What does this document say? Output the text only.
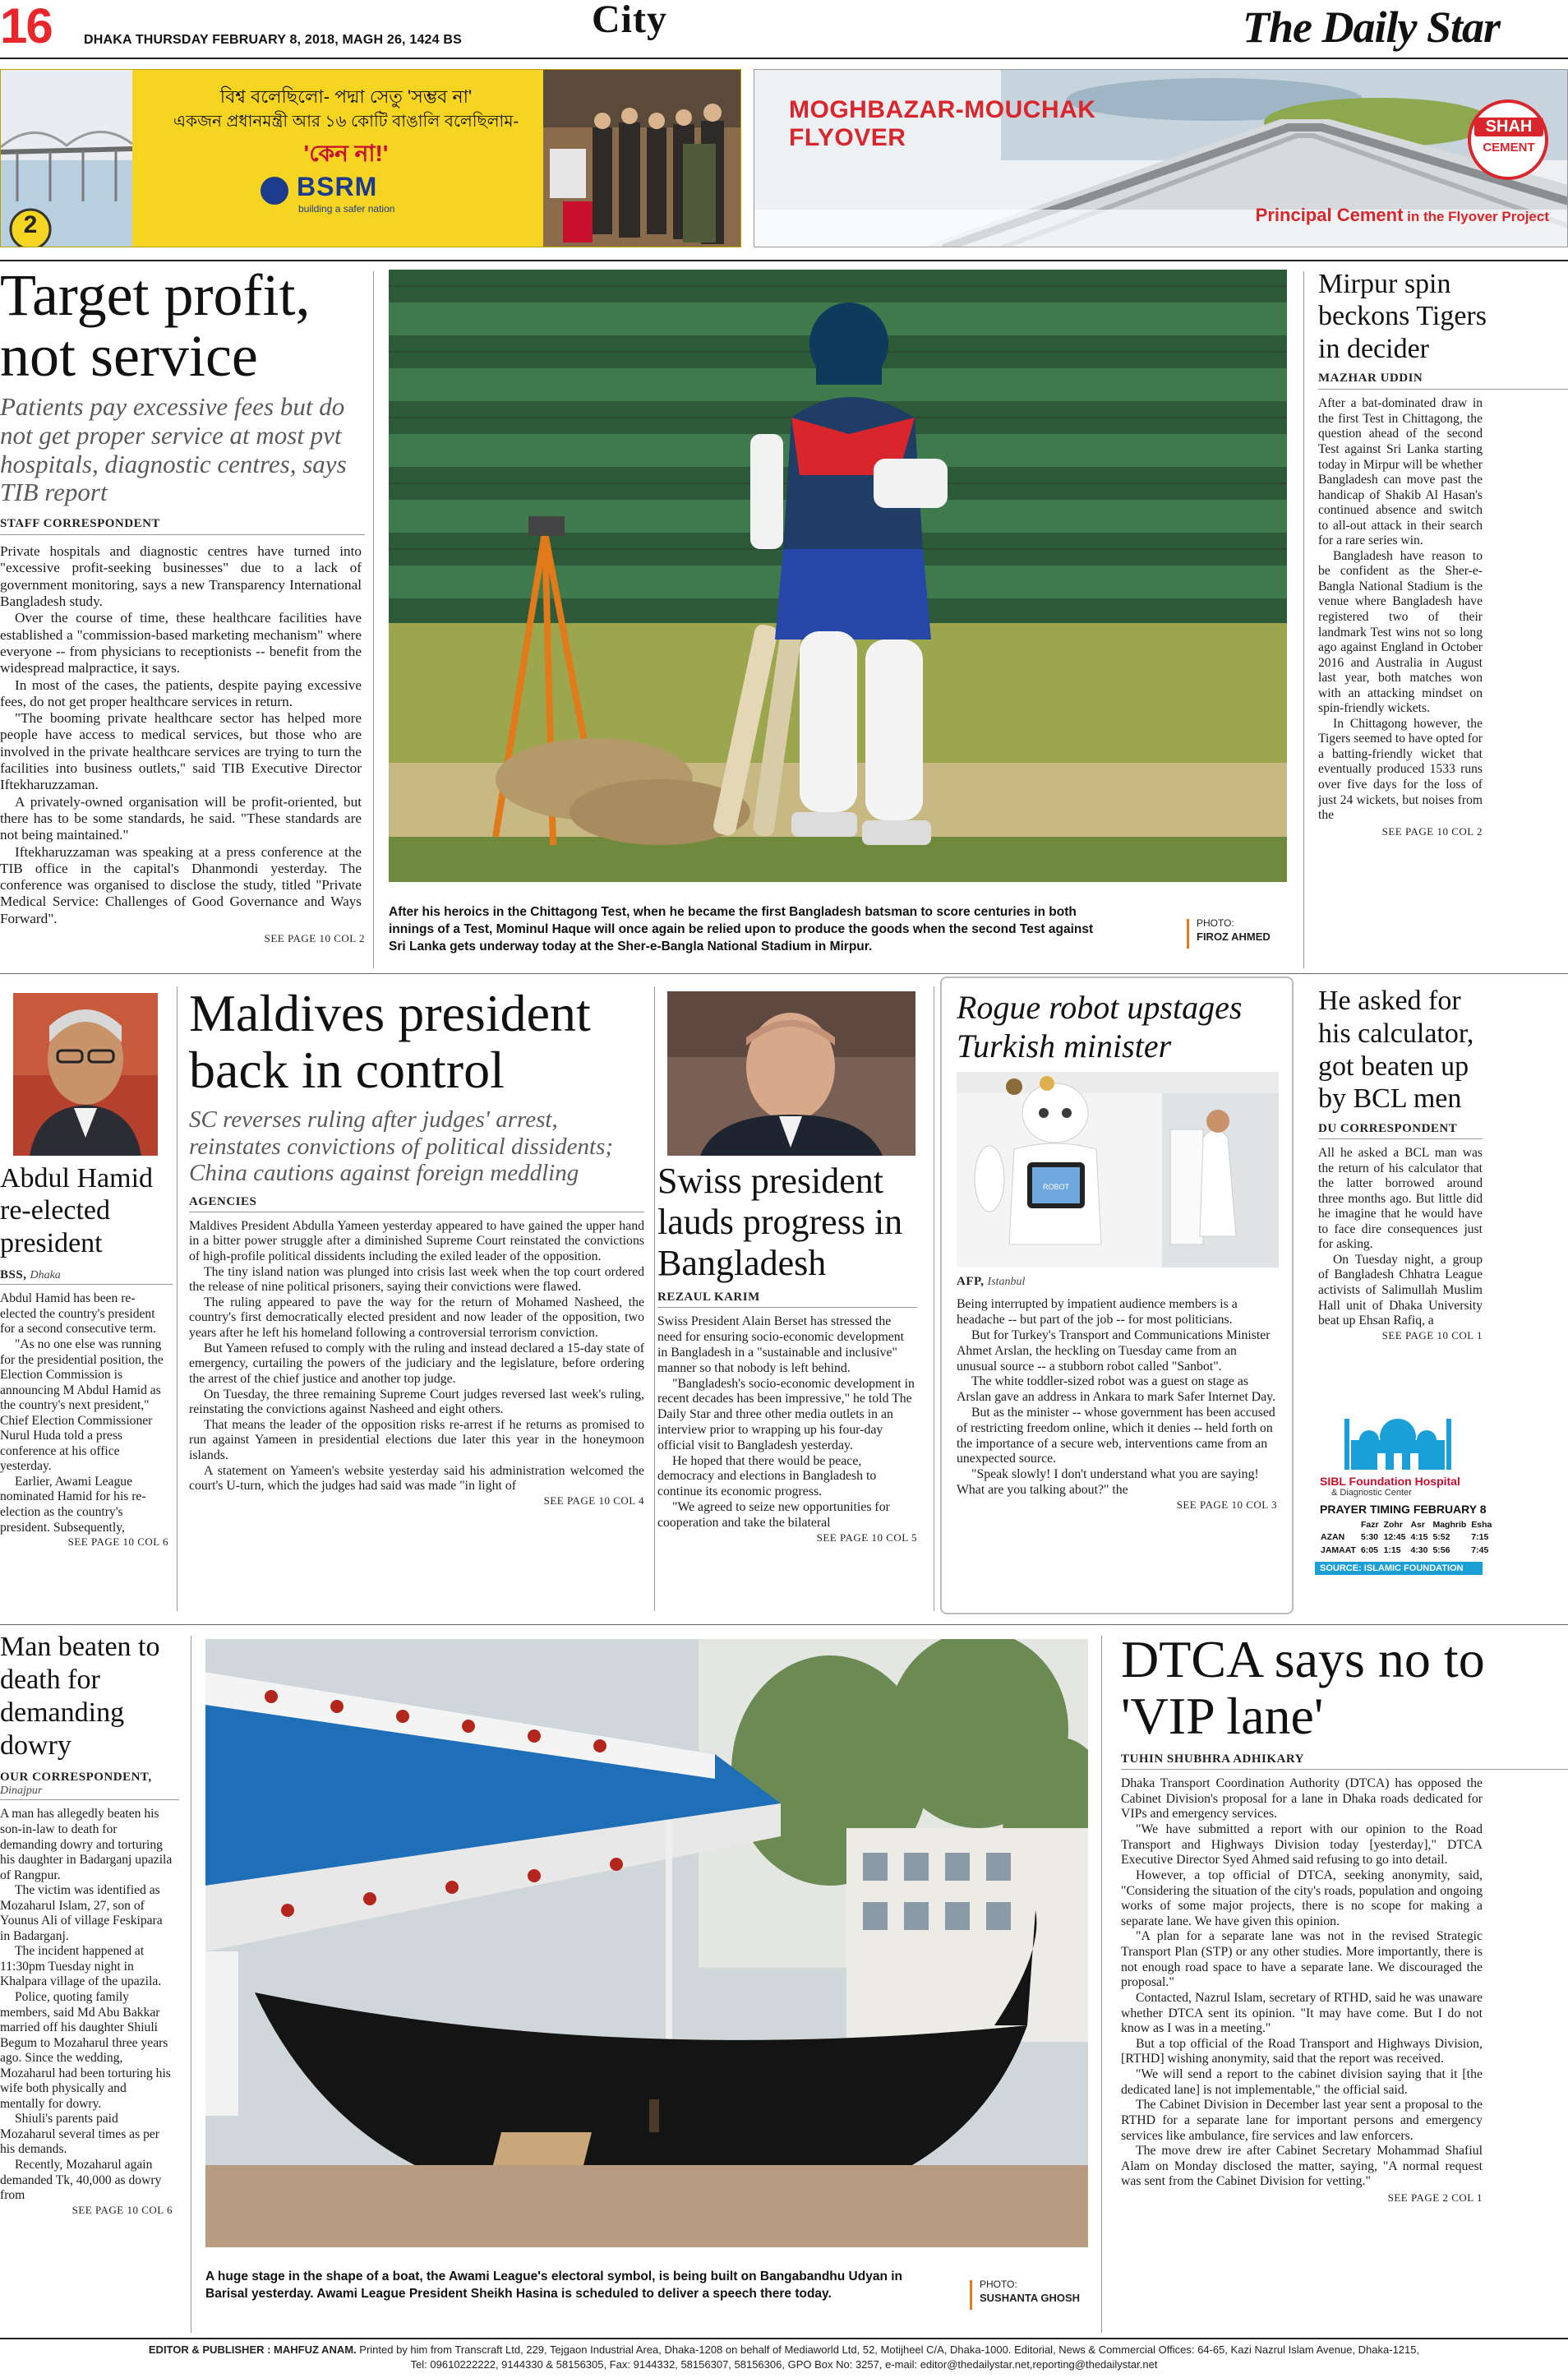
16 DHAKA THURSDAY FEBRUARY 8, 2018, MAGH 26, 1424 BS	City	The Daily Star
2
বিশ্ব বলেছিলো- পদ্মা সেতু 'সম্ভব না'
একজন প্রধানমন্ত্রী আর ১৬ কোটি বাঙালি বলেছিলাম-
'কেন না!'
BSRM
building a safer nation
MOGHBAZAR-MOUCHAK
FLYOVER	SHAH
CEMENT
Principal Cement in the Flyover Project
Target profit, not service
Patients pay excessive fees but do not get proper service at most pvt hospitals, diagnostic centres, says TIB report
STAFF CORRESPONDENT

Private hospitals and diagnostic centres have turned into "excessive profit-seeking businesses" due to a lack of government monitoring, says a new Transparency International Bangladesh study.

Over the course of time, these healthcare facilities have established a "commission-based marketing mechanism" where everyone -- from physicians to receptionists -- benefit from the widespread malpractice, it says.

In most of the cases, the patients, despite paying excessive fees, do not get proper healthcare services in return.

"The booming private healthcare sector has helped more people have access to medical services, but those who are involved in the private healthcare services are trying to turn the facilities into business outlets," said TIB Executive Director Iftekharuzzaman.

A privately-owned organisation will be profit-oriented, but there has to be some standards, he said. "These standards are not being maintained."

Iftekharuzzaman was speaking at a press conference at the TIB office in the capital's Dhanmondi yesterday. The conference was organised to disclose the study, titled "Private Medical Service: Challenges of Good Governance and Ways Forward".

SEE PAGE 10 COL 2
After his heroics in the Chittagong Test, when he became the first Bangladesh batsman to score centuries in both innings of a Test, Mominul Haque will once again be relied upon to produce the goods when the second Test against Sri Lanka gets underway today at the Sher-e-Bangla National Stadium in Mirpur.
PHOTO:
FIROZ AHMED
Mirpur spin beckons Tigers in decider
MAZHAR UDDIN

After a bat-dominated draw in the first Test in Chittagong, the question ahead of the second Test against Sri Lanka starting today in Mirpur will be whether Bangladesh can move past the handicap of Shakib Al Hasan's continued absence and switch to all-out attack in their search for a rare series win.

Bangladesh have reason to be confident as the Sher-e-Bangla National Stadium is the venue where Bangladesh have registered two of their landmark Test wins not so long ago against England in October 2016 and Australia in August last year, both matches won with an attacking mindset on spin-friendly wickets.

In Chittagong however, the Tigers seemed to have opted for a batting-friendly wicket that eventually produced 1533 runs over five days for the loss of just 24 wickets, but noises from the

SEE PAGE 10 COL 2
Abdul Hamid re-elected president
BSS, Dhaka

Abdul Hamid has been re-elected the country's president for a second consecutive term.

"As no one else was running for the presidential position, the Election Commission is announcing M Abdul Hamid as the country's next president," Chief Election Commissioner Nurul Huda told a press conference at his office yesterday.

Earlier, Awami League nominated Hamid for his re-election as the country's president. Subsequently,

SEE PAGE 10 COL 6
Maldives president back in control
SC reverses ruling after judges' arrest, reinstates convictions of political dissidents; China cautions against foreign meddling
AGENCIES

Maldives President Abdulla Yameen yesterday appeared to have gained the upper hand in a bitter power struggle after a diminished Supreme Court reinstated the convictions of high-profile political dissidents including the exiled leader of the opposition.

The tiny island nation was plunged into crisis last week when the top court ordered the release of nine political prisoners, saying their convictions were flawed.

The ruling appeared to pave the way for the return of Mohamed Nasheed, the country's first democratically elected president and now leader of the opposition, two years after he left his homeland following a controversial terrorism conviction.

But Yameen refused to comply with the ruling and instead declared a 15-day state of emergency, curtailing the powers of the judiciary and the legislature, before ordering the arrest of the chief justice and another top judge.

On Tuesday, the three remaining Supreme Court judges reversed last week's ruling, reinstating the convictions against Nasheed and eight others.

That means the leader of the opposition risks re-arrest if he returns as promised to run against Yameen in presidential elections due later this year in the honeymoon islands.

A statement on Yameen's website yesterday said his administration welcomed the court's U-turn, which the judges had said was made "in light of

SEE PAGE 10 COL 4
Swiss president lauds progress in Bangladesh
REZAUL KARIM

Swiss President Alain Berset has stressed the need for ensuring socio-economic development in Bangladesh in a "sustainable and inclusive" manner so that nobody is left behind.

"Bangladesh's socio-economic development in recent decades has been impressive," he told The Daily Star and three other media outlets in an interview prior to wrapping up his four-day official visit to Bangladesh yesterday.

He hoped that there would be peace, democracy and elections in Bangladesh to continue its economic progress.

"We agreed to seize new opportunities for cooperation and take the bilateral

SEE PAGE 10 COL 5
Rogue robot upstages Turkish minister
ROBOT
AFP, Istanbul

Being interrupted by impatient audience members is a headache -- but part of the job -- for most politicians.

But for Turkey's Transport and Communications Minister Ahmet Arslan, the heckling on Tuesday came from an unusual source -- a stubborn robot called "Sanbot".

The white toddler-sized robot was a guest on stage as Arslan gave an address in Ankara to mark Safer Internet Day.

But as the minister -- whose government has been accused of restricting freedom online, which it denies -- held forth on the importance of a secure web, interventions came from an unexpected source.

"Speak slowly! I don't understand what you are saying! What are you talking about?" the

SEE PAGE 10 COL 3
He asked for his calculator, got beaten up by BCL men
DU CORRESPONDENT

All he asked a BCL man was the return of his calculator that the latter borrowed around three months ago. But little did he imagine that he would have to face dire consequences just for asking.

On Tuesday night, a group of Bangladesh Chhatra League activists of Salimullah Muslim Hall unit of Dhaka University beat up Ehsan Rafiq, a

SEE PAGE 10 COL 1
SIBL Foundation Hospital
& Diagnostic Center
PRAYER TIMING FEBRUARY 8
	Fazr	Zohr	Asr	Maghrib	Esha
AZAN	5:30	12:45	4:15	5:52	7:15
JAMAAT	6:05	1:15	4:30	5:56	7:45
SOURCE: ISLAMIC FOUNDATION
Man beaten to death for demanding dowry
OUR CORRESPONDENT,
Dinajpur

A man has allegedly beaten his son-in-law to death for demanding dowry and torturing his daughter in Badarganj upazila of Rangpur.

The victim was identified as Mozaharul Islam, 27, son of Younus Ali of village Feskipara in Badarganj.

The incident happened at 11:30pm Tuesday night in Khalpara village of the upazila.

Police, quoting family members, said Md Abu Bakkar married off his daughter Shiuli Begum to Mozaharul three years ago. Since the wedding, Mozaharul had been torturing his wife both physically and mentally for dowry.

Shiuli's parents paid Mozaharul several times as per his demands.

Recently, Mozaharul again demanded Tk, 40,000 as dowry from

SEE PAGE 10 COL 6
A huge stage in the shape of a boat, the Awami League's electoral symbol, is being built on Bangabandhu Udyan in Barisal yesterday. Awami League President Sheikh Hasina is scheduled to deliver a speech there today.
PHOTO:
SUSHANTA GHOSH
DTCA says no to 'VIP lane'
TUHIN SHUBHRA ADHIKARY

Dhaka Transport Coordination Authority (DTCA) has opposed the Cabinet Division's proposal for a lane in Dhaka roads dedicated for VIPs and emergency services.

"We have submitted a report with our opinion to the Road Transport and Highways Division today [yesterday]," DTCA Executive Director Syed Ahmed said refusing to go into detail.

However, a top official of DTCA, seeking anonymity, said, "Considering the situation of the city's roads, population and ongoing works of some major projects, there is no scope for making a separate lane. We have given this opinion.

"A plan for a separate lane was not in the revised Strategic Transport Plan (STP) or any other studies. More importantly, there is not enough road space to have a separate lane. We discouraged the proposal."

Contacted, Nazrul Islam, secretary of RTHD, said he was unaware whether DTCA sent its opinion. "It may have come. But I do not know as I was in a meeting."

But a top official of the Road Transport and Highways Division, [RTHD] wishing anonymity, said that the report was received.

"We will send a report to the cabinet division saying that it [the dedicated lane] is not implementable," the official said.

The Cabinet Division in December last year sent a proposal to the RTHD for a separate lane for important persons and emergency services like ambulance, fire services and law enforcers.

The move drew ire after Cabinet Secretary Mohammad Shafiul Alam on Monday disclosed the matter, saying, "A normal request was sent from the Cabinet Division for vetting."

SEE PAGE 2 COL 1
EDITOR & PUBLISHER : MAHFUZ ANAM. Printed by him from Transcraft Ltd, 229, Tejgaon Industrial Area, Dhaka-1208 on behalf of Mediaworld Ltd, 52, Motijheel C/A, Dhaka-1000. Editorial, News & Commercial Offices: 64-65, Kazi Nazrul Islam Avenue, Dhaka-1215,
Tel: 09610222222, 9144330 & 58156305, Fax: 9144332, 58156307, 58156306, GPO Box No: 3257, e-mail: editor@thedailystar.net,reporting@thedailystar.net
